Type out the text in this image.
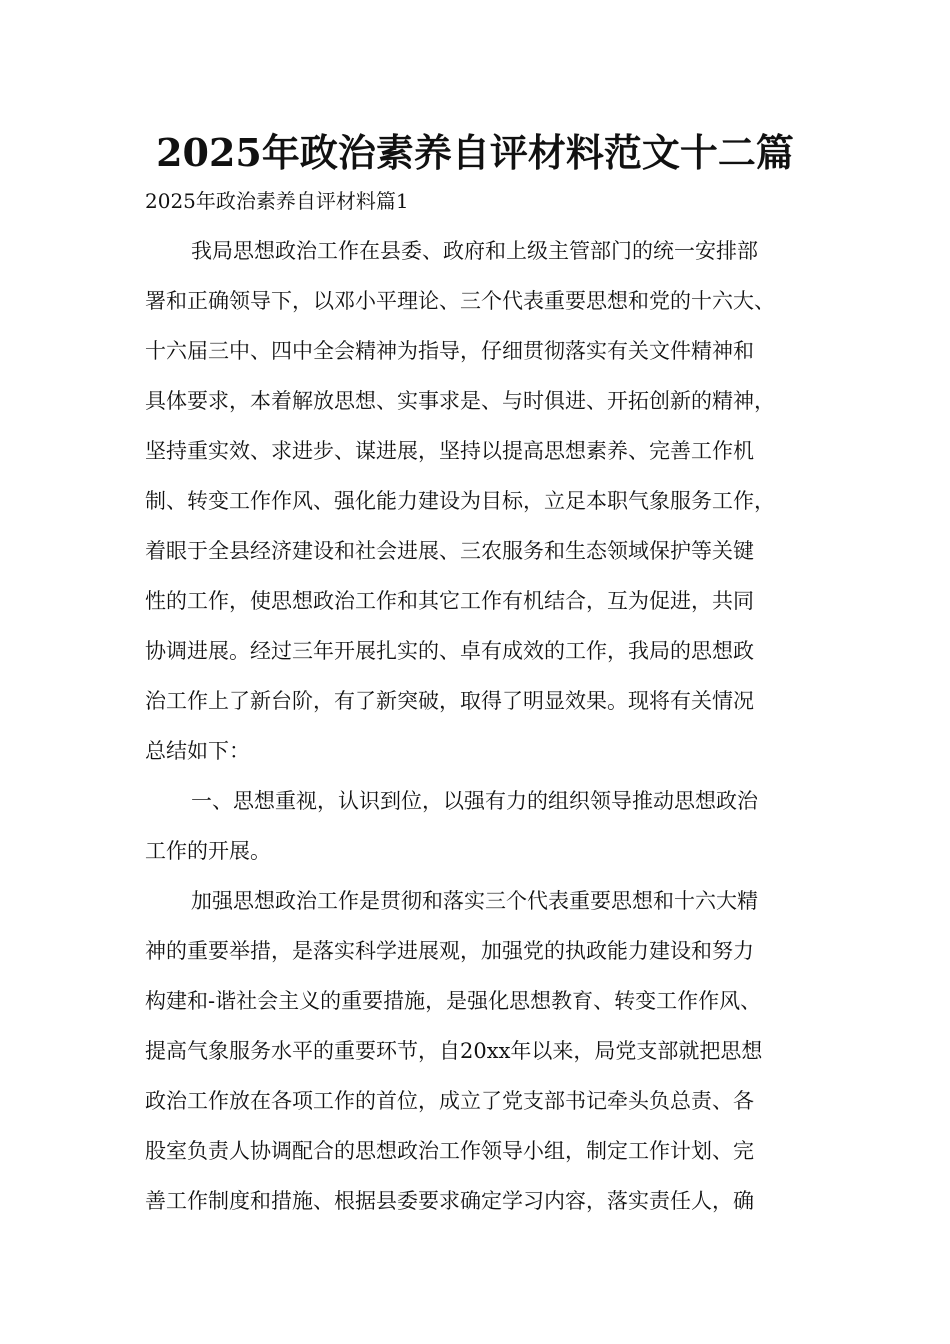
2025年政治素养自评材料范文十二篇
2025年政治素养自评材料篇1

我局思想政治工作在县委、政府和上级主管部门的统一安排部

署和正确领导下，以邓小平理论、三个代表重要思想和党的十六大、

十六届三中、四中全会精神为指导，仔细贯彻落实有关文件精神和

具体要求，本着解放思想、实事求是、与时俱进、开拓创新的精神，

坚持重实效、求进步、谋进展，坚持以提高思想素养、完善工作机

制、转变工作作风、强化能力建设为目标，立足本职气象服务工作，

着眼于全县经济建设和社会进展、三农服务和生态领域保护等关键

性的工作，使思想政治工作和其它工作有机结合，互为促进，共同

协调进展。经过三年开展扎实的、卓有成效的工作，我局的思想政

治工作上了新台阶，有了新突破，取得了明显效果。现将有关情况

总结如下：

一、思想重视，认识到位，以强有力的组织领导推动思想政治

工作的开展。

加强思想政治工作是贯彻和落实三个代表重要思想和十六大精

神的重要举措，是落实科学进展观，加强党的执政能力建设和努力

构建和-谐社会主义的重要措施，是强化思想教育、转变工作作风、

提高气象服务水平的重要环节，自20xx年以来，局党支部就把思想

政治工作放在各项工作的首位，成立了党支部书记牵头负总责、各

股室负责人协调配合的思想政治工作领导小组，制定工作计划、完

善工作制度和措施、根据县委要求确定学习内容，落实责任人，确
